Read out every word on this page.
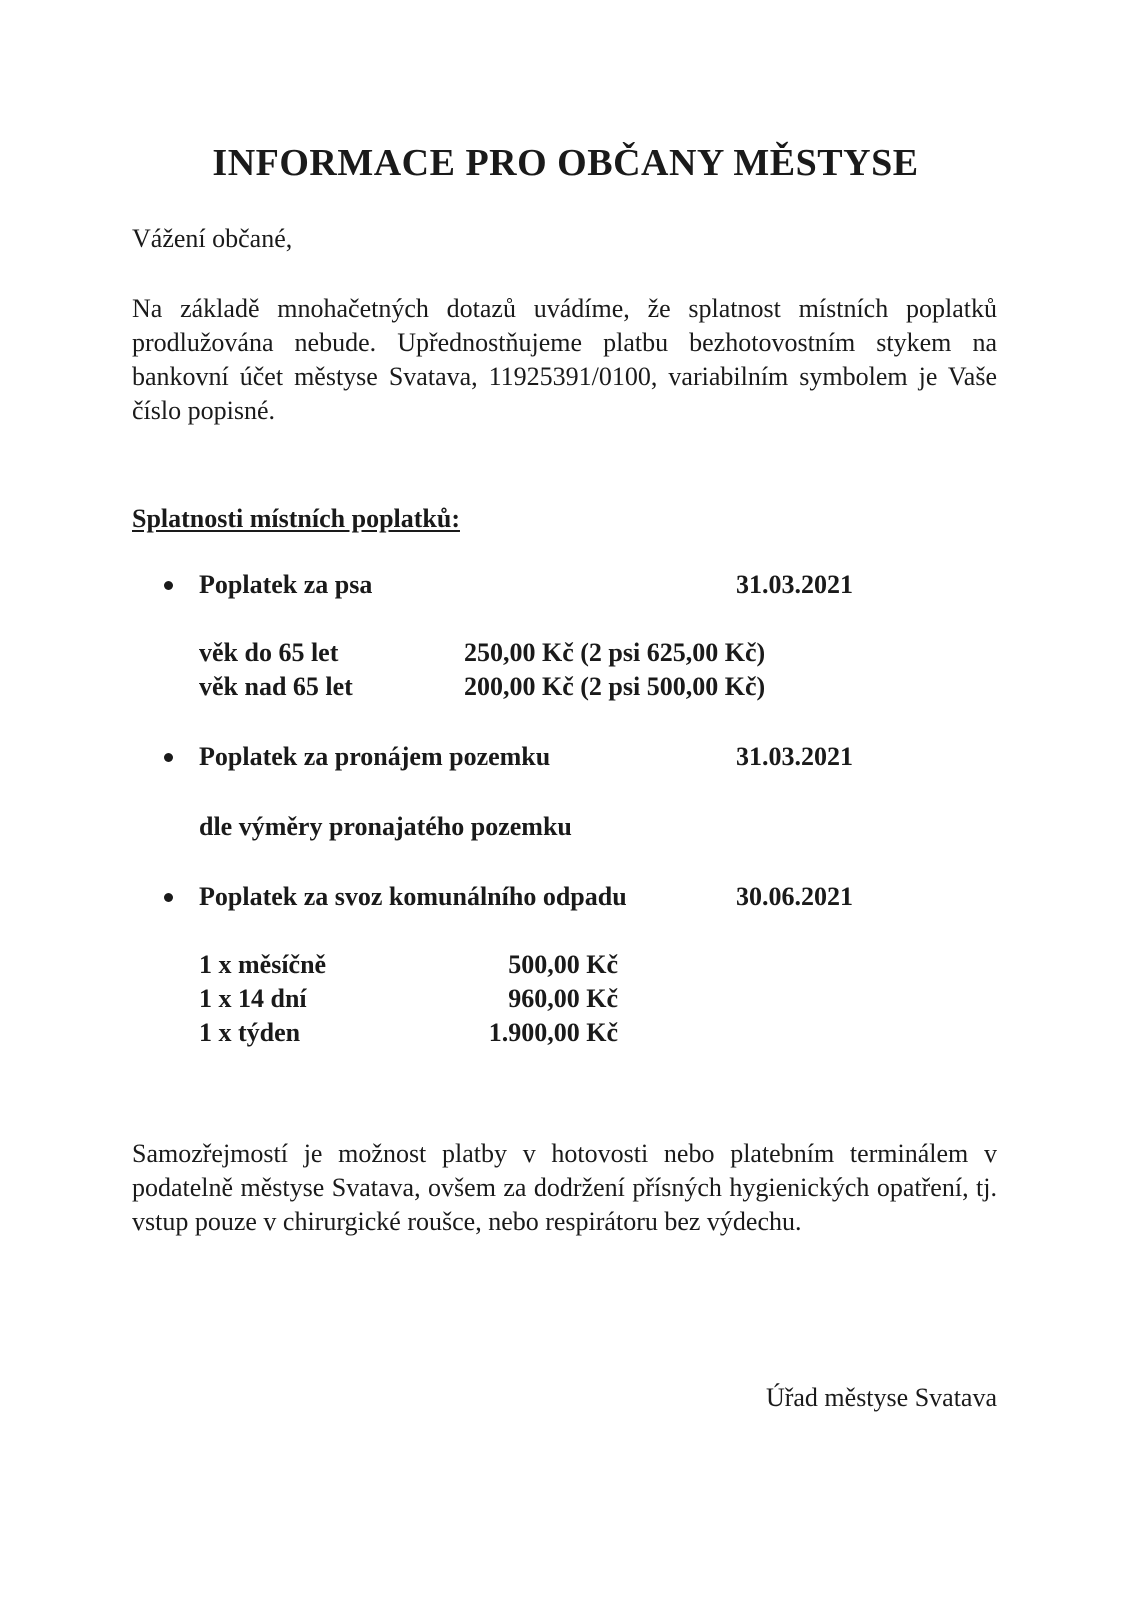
INFORMACE PRO OBČANY MĚSTYSE
Vážení občané,
Na základě mnohačetných dotazů uvádíme, že splatnost místních poplatků prodlužována nebude. Upřednostňujeme platbu bezhotovostním stykem na bankovní účet městyse Svatava, 11925391/0100, variabilním symbolem je Vaše číslo popisné.
Splatnosti místních poplatků:
Poplatek za psa	31.03.2021
věk do 65 let	250,00 Kč (2 psi 625,00 Kč)
věk nad 65 let	200,00 Kč (2 psi 500,00 Kč)
Poplatek za pronájem pozemku	31.03.2021
dle výměry pronajatého pozemku
Poplatek za svoz komunálního odpadu	30.06.2021
1 x měsíčně	500,00 Kč
1 x 14 dní	960,00 Kč
1 x týden	1.900,00 Kč
Samozřejmostí je možnost platby v hotovosti nebo platebním terminálem v podatelně městyse Svatava, ovšem za dodržení přísných hygienických opatření, tj. vstup pouze v chirurgické roušce, nebo respirátoru bez výdechu.
Úřad městyse Svatava
